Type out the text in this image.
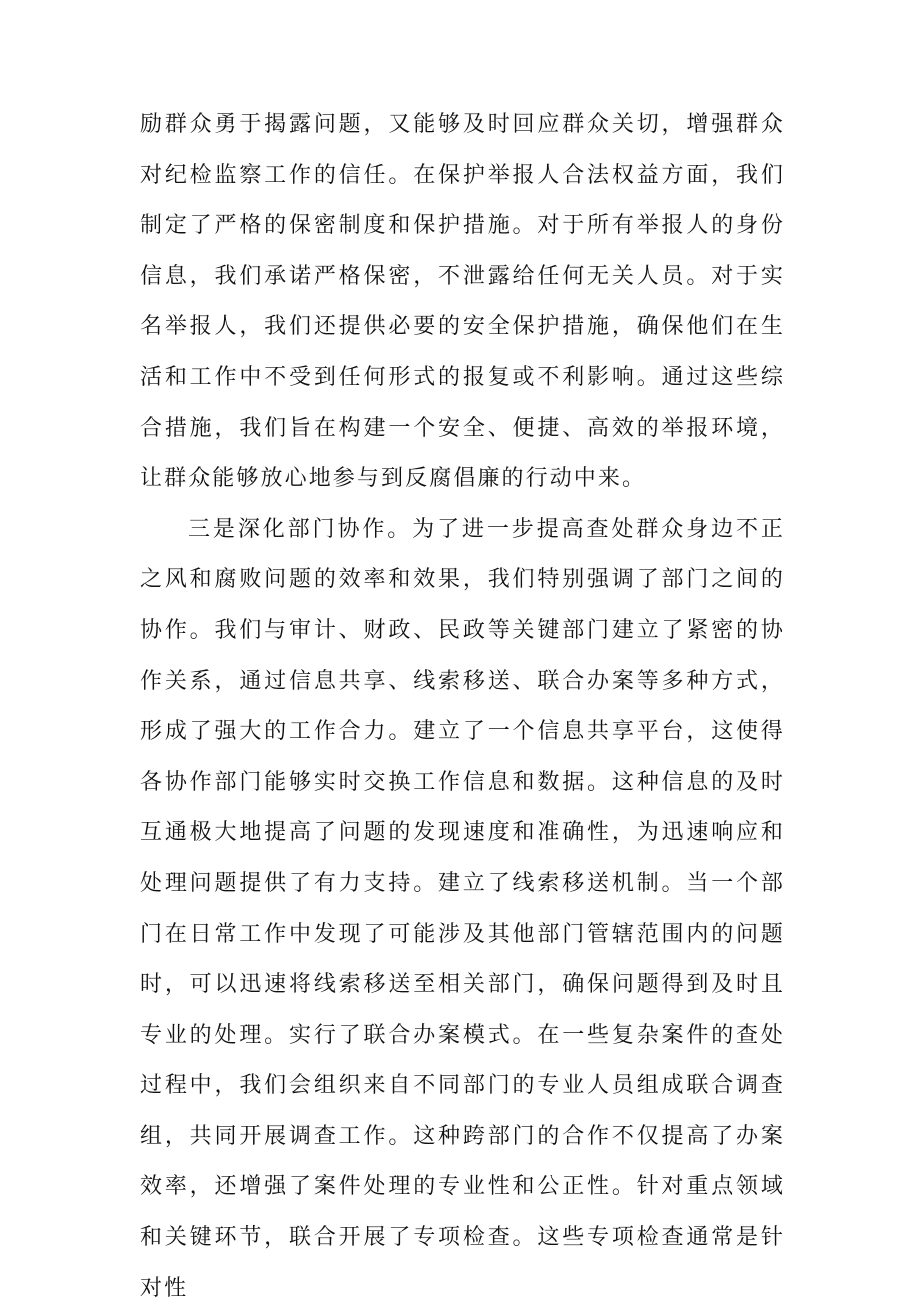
励群众勇于揭露问题，又能够及时回应群众关切，增强群众对纪检监察工作的信任。在保护举报人合法权益方面，我们制定了严格的保密制度和保护措施。对于所有举报人的身份信息，我们承诺严格保密，不泄露给任何无关人员。对于实名举报人，我们还提供必要的安全保护措施，确保他们在生活和工作中不受到任何形式的报复或不利影响。通过这些综合措施，我们旨在构建一个安全、便捷、高效的举报环境，让群众能够放心地参与到反腐倡廉的行动中来。

三是深化部门协作。为了进一步提高查处群众身边不正之风和腐败问题的效率和效果，我们特别强调了部门之间的协作。我们与审计、财政、民政等关键部门建立了紧密的协作关系，通过信息共享、线索移送、联合办案等多种方式，形成了强大的工作合力。建立了一个信息共享平台，这使得各协作部门能够实时交换工作信息和数据。这种信息的及时互通极大地提高了问题的发现速度和准确性，为迅速响应和处理问题提供了有力支持。建立了线索移送机制。当一个部门在日常工作中发现了可能涉及其他部门管辖范围内的问题时，可以迅速将线索移送至相关部门，确保问题得到及时且专业的处理。实行了联合办案模式。在一些复杂案件的查处过程中，我们会组织来自不同部门的专业人员组成联合调查组，共同开展调查工作。这种跨部门的合作不仅提高了办案效率，还增强了案件处理的专业性和公正性。针对重点领域和关键环节，联合开展了专项检查。这些专项检查通常是针对性
